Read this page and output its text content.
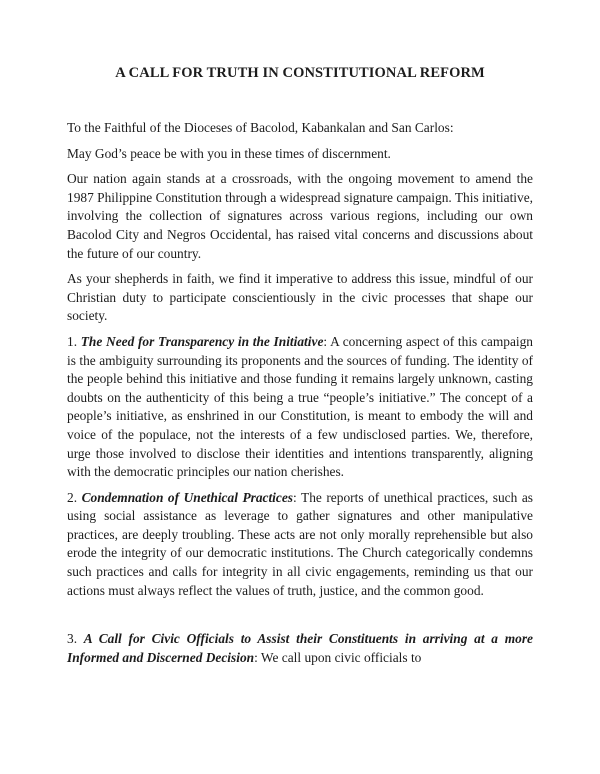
A CALL FOR TRUTH IN CONSTITUTIONAL REFORM

To the Faithful of the Dioceses of Bacolod, Kabankalan and San Carlos:

May God’s peace be with you in these times of discernment.

Our nation again stands at a crossroads, with the ongoing movement to amend the 1987 Philippine Constitution through a widespread signature campaign. This initiative, involving the collection of signatures across various regions, including our own Bacolod City and Negros Occidental, has raised vital concerns and discussions about the future of our country.

As your shepherds in faith, we find it imperative to address this issue, mindful of our Christian duty to participate conscientiously in the civic processes that shape our society.

1. The Need for Transparency in the Initiative: A concerning aspect of this campaign is the ambiguity surrounding its proponents and the sources of funding. The identity of the people behind this initiative and those funding it remains largely unknown, casting doubts on the authenticity of this being a true “people’s initiative.” The concept of a people’s initiative, as enshrined in our Constitution, is meant to embody the will and voice of the populace, not the interests of a few undisclosed parties. We, therefore, urge those involved to disclose their identities and intentions transparently, aligning with the democratic principles our nation cherishes.

2. Condemnation of Unethical Practices: The reports of unethical practices, such as using social assistance as leverage to gather signatures and other manipulative practices, are deeply troubling. These acts are not only morally reprehensible but also erode the integrity of our democratic institutions. The Church categorically condemns such practices and calls for integrity in all civic engagements, reminding us that our actions must always reflect the values of truth, justice, and the common good.

3. A Call for Civic Officials to Assist their Constituents in arriving at a more Informed and Discerned Decision: We call upon civic officials to
